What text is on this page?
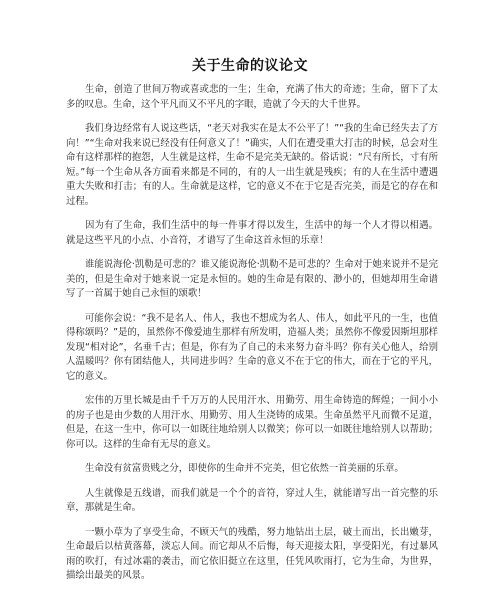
关于生命的议论文

生命，创造了世间万物或喜或悲的一生；生命，充满了伟大的奇迹；生命，留下了太多的叹息。生命，这个平凡而又不平凡的字眼，造就了今天的大千世界。

我们身边经常有人说这些话，“老天对我实在是太不公平了！”“我的生命已经失去了方向！”“生命对我来说已经没有任何意义了！”确实，人们在遭受重大打击的时候，总会对生命有这样那样的抱怨，人生就是这样，生命不是完美无缺的。俗话说：“尺有所长，寸有所短。”每一个生命从各方面看来都是不同的，有的人一出生就是残疾；有的人在生活中遭遇重大失败和打击；有的人。生命就是这样，它的意义不在于它是否完美，而是它的存在和过程。

因为有了生命，我们生活中的每一件事才得以发生，生活中的每一个人才得以相遇。就是这些平凡的小点、小音符，才谱写了生命这首永恒的乐章！

谁能说海伦·凯勒是可悲的？谁又能说海伦·凯勒不是可悲的？生命对于她来说并不是完美的，但是生命对于她来说一定是永恒的。她的生命是有限的、渺小的，但她却用生命谱写了一首属于她自己永恒的颂歌！

可能你会说：“我不是名人、伟人，我也不想成为名人、伟人，如此平凡的一生，也值得称颂吗？”是的，虽然你不像爱迪生那样有所发明，造福人类；虽然你不像爱因斯坦那样发现“相对论”，名垂千古；但是，你有为了自己的未来努力奋斗吗？你有关心他人，给别人温暖吗？你有团结他人，共同进步吗？生命的意义不在于它的伟大，而在于它的平凡，它的意义。

宏伟的万里长城是由千千万万的人民用汗水、用勤劳、用生命铸造的辉煌；一间小小的房子也是由少数的人用汗水、用勤劳、用人生浇铸的成果。生命虽然平凡而微不足道，但是，在这一生中，你可以一如既往地给别人以微笑；你可以一如既往地给别人以帮助；你可以。这样的生命有无尽的意义。

生命没有贫富贵贱之分，即使你的生命并不完美，但它依然一首美丽的乐章。

人生就像是五线谱，而我们就是一个个的音符，穿过人生，就能谱写出一首完整的乐章，那就是生命。

一颗小草为了享受生命，不顾天气的残酷，努力地钻出土层，破土而出，长出嫩芽，生命最后以枯黄落幕，淡忘人间。而它却从不后悔，每天迎接太阳，享受阳光，有过暴风雨的吹打，有过冰霜的袭击，而它依旧挺立在这里，任凭风吹雨打，它为生命，为世界，描绘出最美的风景。
